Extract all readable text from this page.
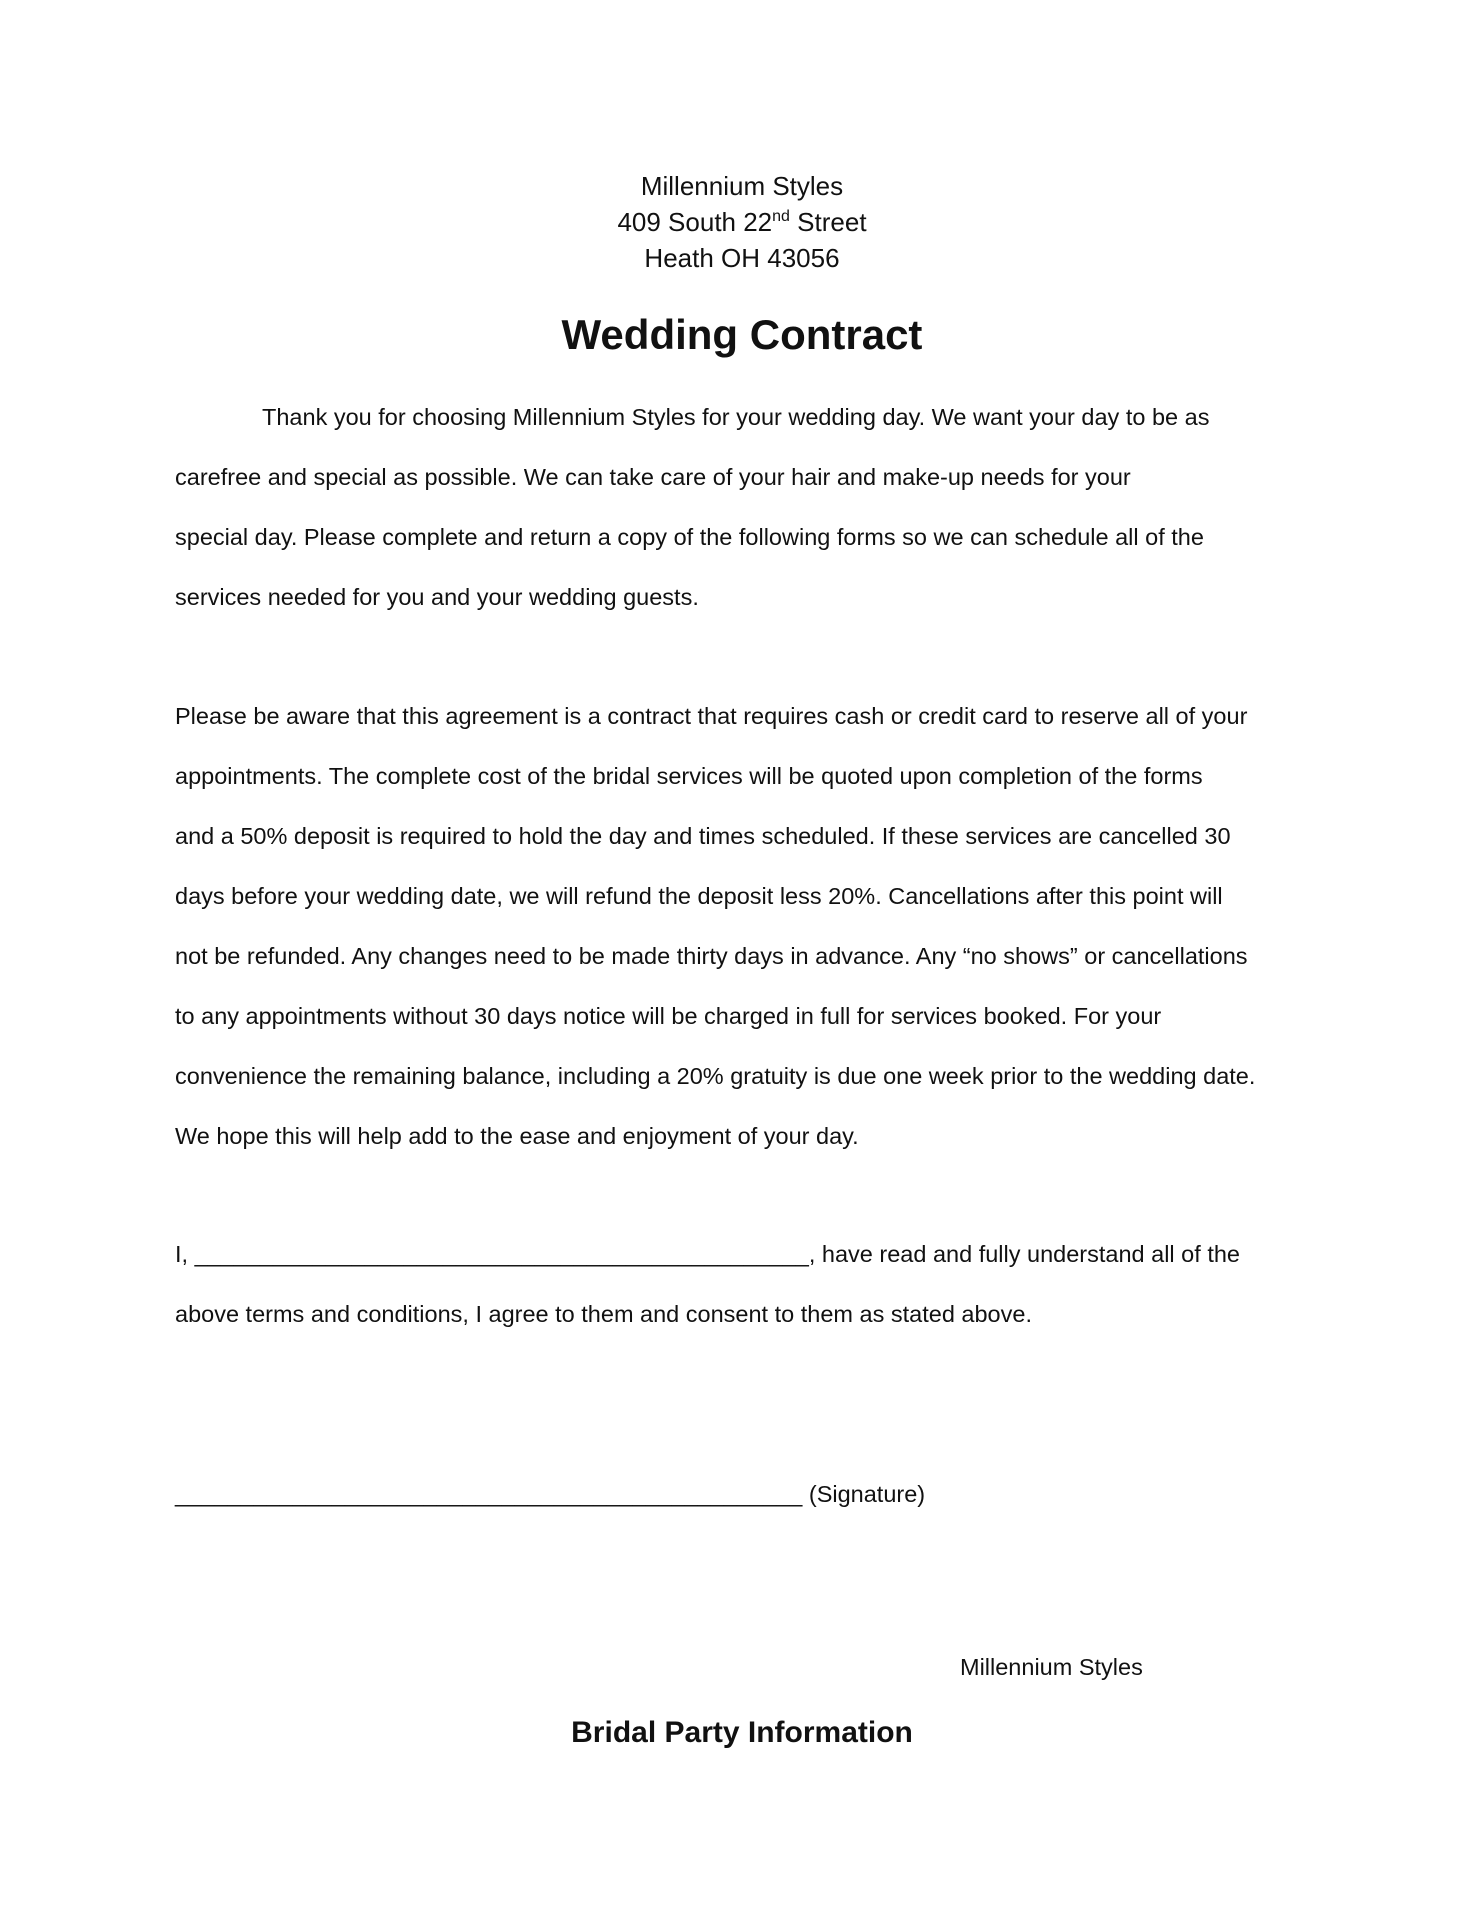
Millennium Styles
409 South 22nd Street
Heath OH 43056
Wedding Contract
Thank you for choosing Millennium Styles for your wedding day. We want your day to be as
carefree and special as possible. We can take care of your hair and make-up needs for your
special day. Please complete and return a copy of the following forms so we can schedule all of the
services needed for you and your wedding guests.
Please be aware that this agreement is a contract that requires cash or credit card to reserve all of your
appointments. The complete cost of the bridal services will be quoted upon completion of the forms
and a 50% deposit is required to hold the day and times scheduled. If these services are cancelled 30
days before your wedding date, we will refund the deposit less 20%. Cancellations after this point will
not be refunded. Any changes need to be made thirty days in advance. Any “no shows” or cancellations
to any appointments without 30 days notice will be charged in full for services booked. For your
convenience the remaining balance, including a 20% gratuity is due one week prior to the wedding date.
We hope this will help add to the ease and enjoyment of your day.
I, _______________________________________________, have read and fully understand all of the
above terms and conditions, I agree to them and consent to them as stated above.
________________________________________________ (Signature)
Millennium Styles
Bridal Party Information
